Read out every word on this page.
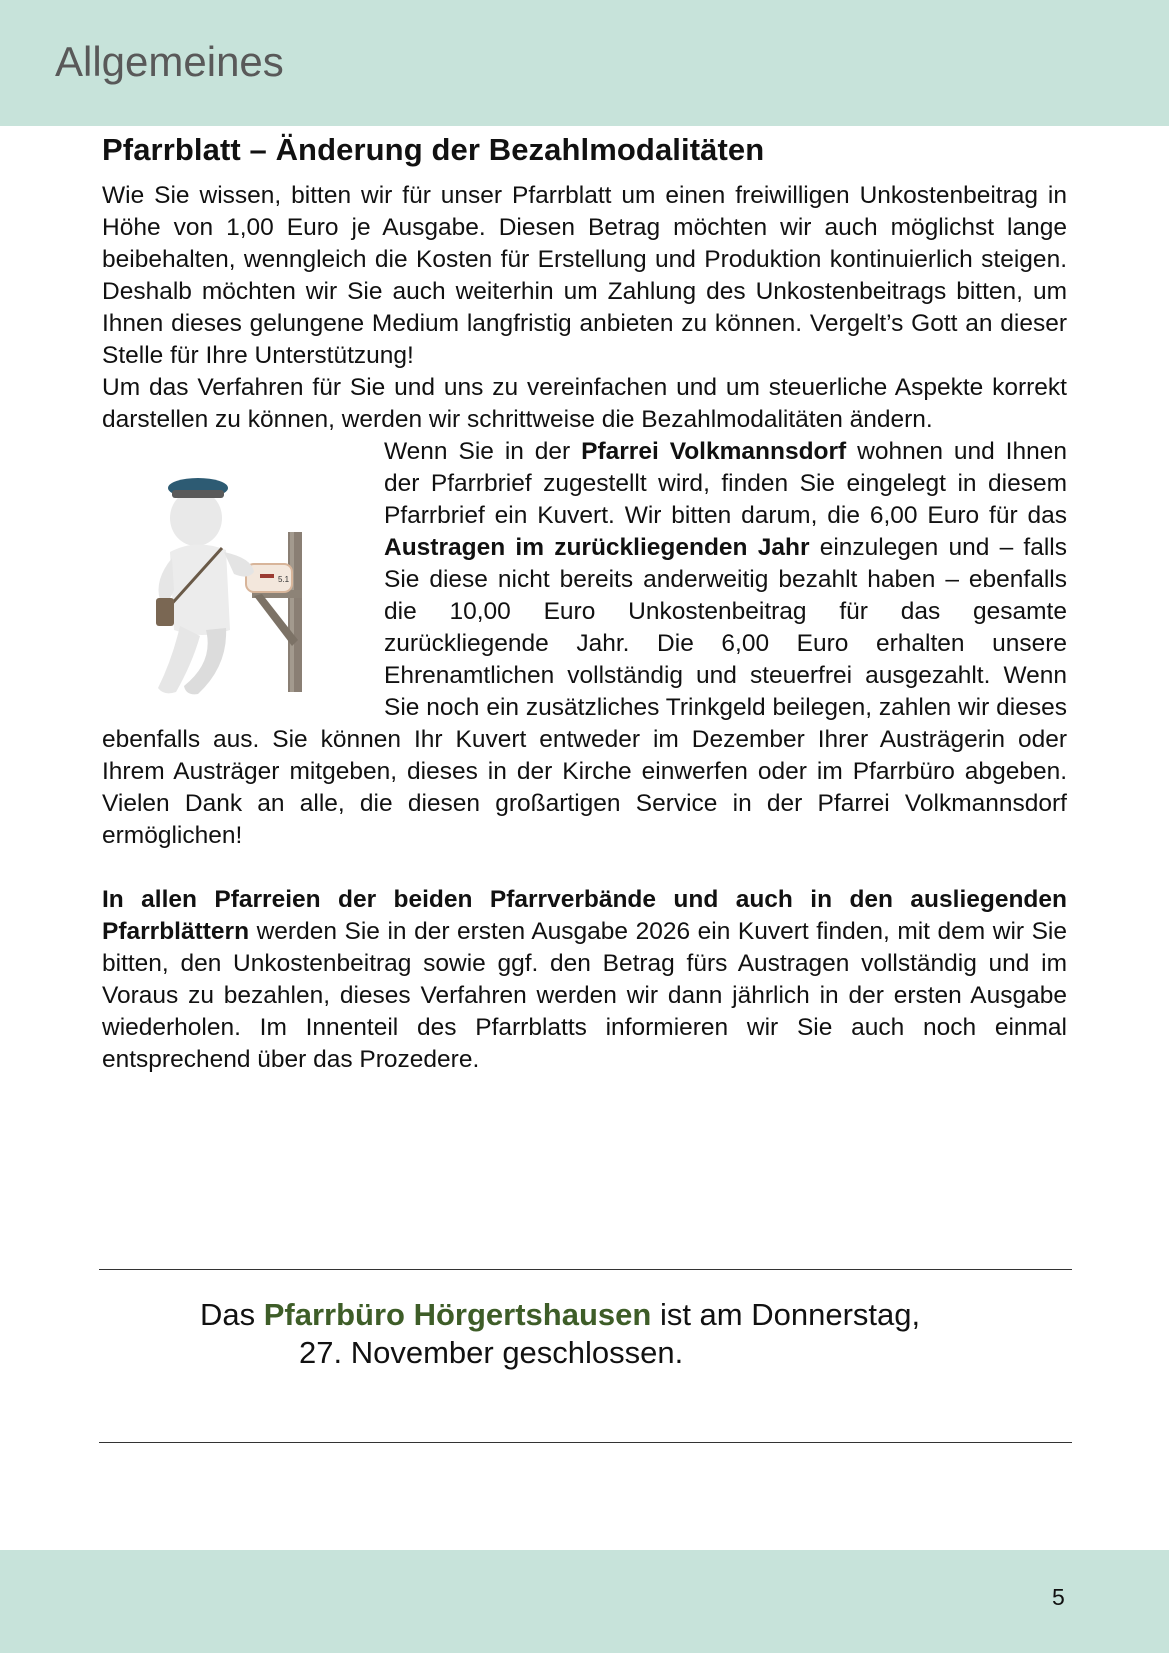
Allgemeines
Pfarrblatt – Änderung der Bezahlmodalitäten

Wie Sie wissen, bitten wir für unser Pfarrblatt um einen freiwilligen Unkostenbeitrag in Höhe von 1,00 Euro je Ausgabe. Diesen Betrag möchten wir auch möglichst lange beibehalten, wenngleich die Kosten für Erstellung und Produktion kontinuierlich steigen. Deshalb möchten wir Sie auch weiterhin um Zahlung des Unkostenbeitrags bitten, um Ihnen dieses gelungene Medium langfristig anbieten zu können. Vergelt’s Gott an dieser Stelle für Ihre Unterstützung!

Um das Verfahren für Sie und uns zu vereinfachen und um steuerliche Aspekte korrekt darstellen zu können, werden wir schrittweise die Bezahlmodalitäten ändern.

5.1
Wenn Sie in der Pfarrei Volkmannsdorf wohnen und Ihnen der Pfarrbrief zugestellt wird, finden Sie eingelegt in diesem Pfarrbrief ein Kuvert. Wir bitten darum, die 6,00 Euro für das Austragen im zurückliegenden Jahr einzulegen und – falls Sie diese nicht bereits anderweitig bezahlt haben – ebenfalls die 10,00 Euro Unkostenbeitrag für das gesamte zurückliegende Jahr. Die 6,00 Euro erhalten unsere Ehrenamtlichen vollständig und steuerfrei ausgezahlt. Wenn Sie noch ein zusätzliches Trinkgeld beilegen, zahlen wir dieses ebenfalls aus. Sie können Ihr Kuvert entweder im Dezember Ihrer Austrägerin oder Ihrem Austräger mitgeben, dieses in der Kirche einwerfen oder im Pfarrbüro abgeben. Vielen Dank an alle, die diesen großartigen Service in der Pfarrei Volkmannsdorf ermöglichen!

In allen Pfarreien der beiden Pfarrverbände und auch in den ausliegenden Pfarrblättern werden Sie in der ersten Ausgabe 2026 ein Kuvert finden, mit dem wir Sie bitten, den Unkostenbeitrag sowie ggf. den Betrag fürs Austragen vollständig und im Voraus zu bezahlen, dieses Verfahren werden wir dann jährlich in der ersten Ausgabe wiederholen. Im Innenteil des Pfarrblatts informieren wir Sie auch noch einmal entsprechend über das Prozedere.

Das Pfarrbüro Hörgertshausen ist am Donnerstag,
27. November geschlossen.
5
